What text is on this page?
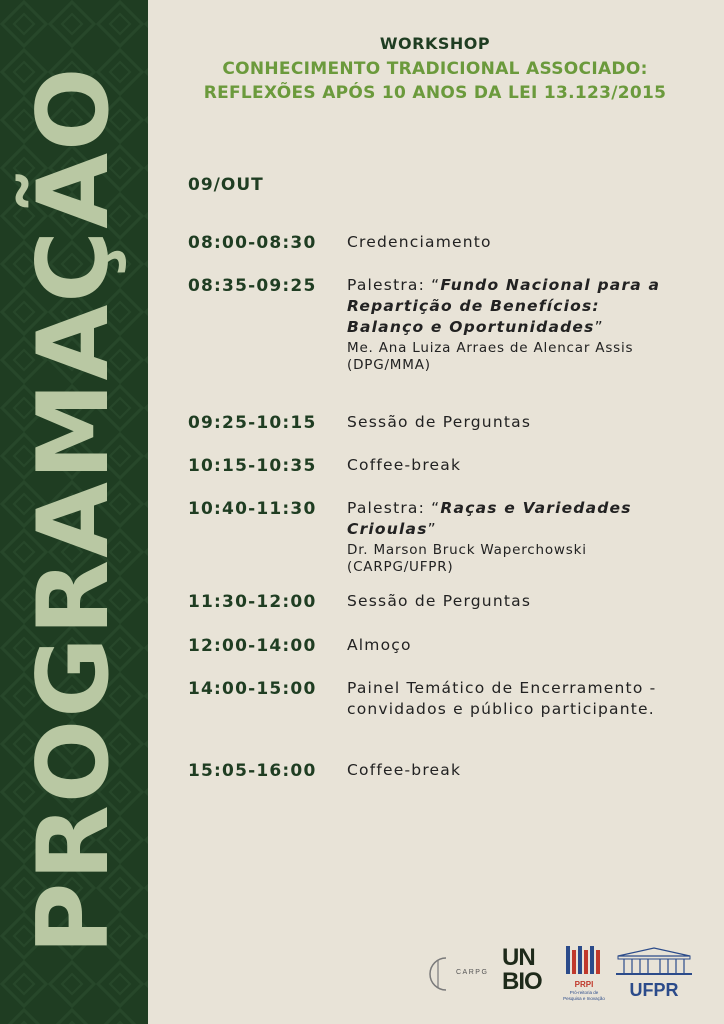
PROGRAMAÇÃO
WORKSHOP
CONHECIMENTO TRADICIONAL ASSOCIADO:
REFLEXÕES APÓS 10 ANOS DA LEI 13.123/2015
09/OUT
08:00-08:30	Credenciamento
08:35-09:25	Palestra: “Fundo Nacional para a Repartição de Benefícios: Balanço e Oportunidades”
Me. Ana Luiza Arraes de Alencar Assis (DPG/MMA)
09:25-10:15	Sessão de Perguntas
10:15-10:35	Coffee-break
10:40-11:30	Palestra: “Raças e Variedades Crioulas”
Dr. Marson Bruck Waperchowski (CARPG/UFPR)
11:30-12:00	Sessão de Perguntas
12:00-14:00	Almoço
14:00-15:00	Painel Temático de Encerramento - convidados e público participante.
15:05-16:00	Coffee-break
CARPG
UN
BIO	PRPI
Pró-reitoria de Pesquisa e Inovação	UFPR
